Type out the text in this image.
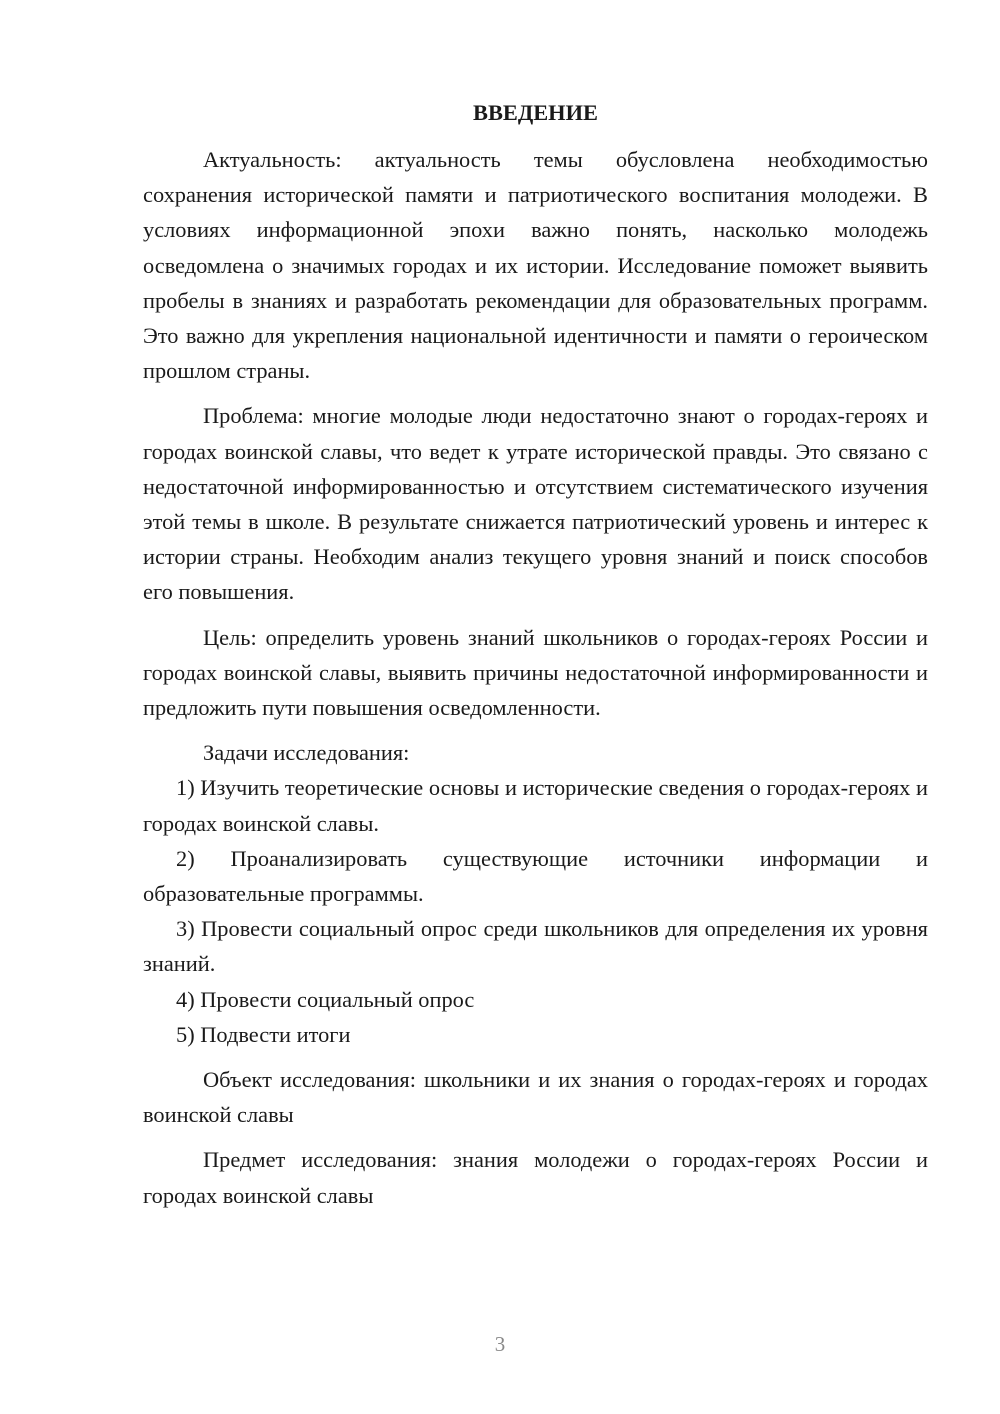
ВВЕДЕНИЕ

Актуальность: актуальность темы обусловлена необходимостью сохранения исторической памяти и патриотического воспитания молодежи. В условиях информационной эпохи важно понять, насколько молодежь осведомлена о значимых городах и их истории. Исследование поможет выявить пробелы в знаниях и разработать рекомендации для образовательных программ. Это важно для укрепления национальной идентичности и памяти о героическом прошлом страны.

Проблема: многие молодые люди недостаточно знают о городах-героях и городах воинской славы, что ведет к утрате исторической правды. Это связано с недостаточной информированностью и отсутствием систематического изучения этой темы в школе. В результате снижается патриотический уровень и интерес к истории страны. Необходим анализ текущего уровня знаний и поиск способов его повышения.

Цель: определить уровень знаний школьников о городах-героях России и городах воинской славы, выявить причины недостаточной информированности и предложить пути повышения осведомленности.

Задачи исследования:

1) Изучить теоретические основы и исторические сведения о городах-героях и городах воинской славы.

2) Проанализировать существующие источники информации и образовательные программы.

3) Провести социальный опрос среди школьников для определения их уровня знаний.

4) Провести социальный опрос

5) Подвести итоги

Объект исследования: школьники и их знания о городах-героях и городах воинской славы

Предмет исследования: знания молодежи о городах-героях России и городах воинской славы

3
